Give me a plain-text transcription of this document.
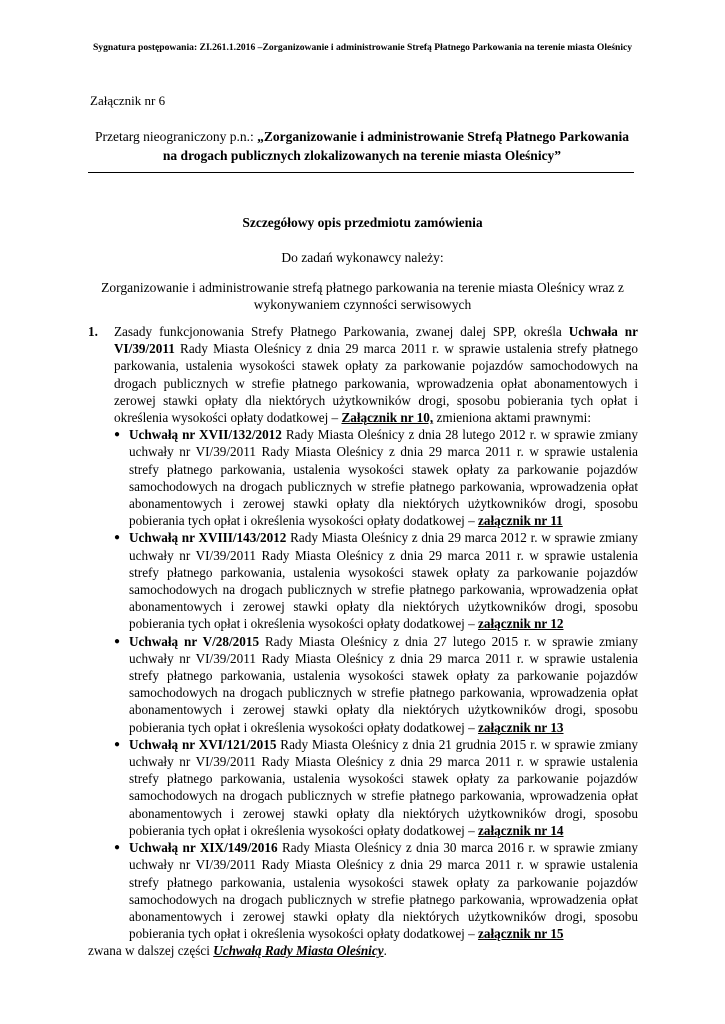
Sygnatura postępowania: ZI.261.1.2016 –Zorganizowanie i administrowanie Strefą Płatnego Parkowania na terenie miasta Oleśnicy
Załącznik nr 6
Przetarg nieograniczony p.n.: „Zorganizowanie i administrowanie Strefą Płatnego Parkowania na drogach publicznych zlokalizowanych na terenie miasta Oleśnicy”
Szczegółowy opis przedmiotu zamówienia
Do zadań wykonawcy należy:
Zorganizowanie i administrowanie strefą płatnego parkowania na terenie miasta Oleśnicy wraz z wykonywaniem czynności serwisowych
1.	Zasady funkcjonowania Strefy Płatnego Parkowania, zwanej dalej SPP, określa Uchwała nr VI/39/2011 Rady Miasta Oleśnicy z dnia 29 marca 2011 r. w sprawie ustalenia strefy płatnego parkowania, ustalenia wysokości stawek opłaty za parkowanie pojazdów samochodowych na drogach publicznych w strefie płatnego parkowania, wprowadzenia opłat abonamentowych i zerowej stawki opłaty dla niektórych użytkowników drogi, sposobu pobierania tych opłat i określenia wysokości opłaty dodatkowej – Załącznik nr 10, zmieniona aktami prawnymi:
● Uchwałą nr XVII/132/2012 Rady Miasta Oleśnicy z dnia 28 lutego 2012 r. w sprawie zmiany uchwały nr VI/39/2011 Rady Miasta Oleśnicy z dnia 29 marca 2011 r. w sprawie ustalenia strefy płatnego parkowania, ustalenia wysokości stawek opłaty za parkowanie pojazdów samochodowych na drogach publicznych w strefie płatnego parkowania, wprowadzenia opłat abonamentowych i zerowej stawki opłaty dla niektórych użytkowników drogi, sposobu pobierania tych opłat i określenia wysokości opłaty dodatkowej – załącznik nr 11
● Uchwałą nr XVIII/143/2012 Rady Miasta Oleśnicy z dnia 29 marca 2012 r. w sprawie zmiany uchwały nr VI/39/2011 Rady Miasta Oleśnicy z dnia 29 marca 2011 r. w sprawie ustalenia strefy płatnego parkowania, ustalenia wysokości stawek opłaty za parkowanie pojazdów samochodowych na drogach publicznych w strefie płatnego parkowania, wprowadzenia opłat abonamentowych i zerowej stawki opłaty dla niektórych użytkowników drogi, sposobu pobierania tych opłat i określenia wysokości opłaty dodatkowej – załącznik nr 12
● Uchwałą nr V/28/2015 Rady Miasta Oleśnicy z dnia 27 lutego 2015 r. w sprawie zmiany uchwały nr VI/39/2011 Rady Miasta Oleśnicy z dnia 29 marca 2011 r. w sprawie ustalenia strefy płatnego parkowania, ustalenia wysokości stawek opłaty za parkowanie pojazdów samochodowych na drogach publicznych w strefie płatnego parkowania, wprowadzenia opłat abonamentowych i zerowej stawki opłaty dla niektórych użytkowników drogi, sposobu pobierania tych opłat i określenia wysokości opłaty dodatkowej – załącznik nr 13
● Uchwałą nr XVI/121/2015 Rady Miasta Oleśnicy z dnia 21 grudnia 2015 r. w sprawie zmiany uchwały nr VI/39/2011 Rady Miasta Oleśnicy z dnia 29 marca 2011 r. w sprawie ustalenia strefy płatnego parkowania, ustalenia wysokości stawek opłaty za parkowanie pojazdów samochodowych na drogach publicznych w strefie płatnego parkowania, wprowadzenia opłat abonamentowych i zerowej stawki opłaty dla niektórych użytkowników drogi, sposobu pobierania tych opłat i określenia wysokości opłaty dodatkowej – załącznik nr 14
● Uchwałą nr XIX/149/2016 Rady Miasta Oleśnicy z dnia 30 marca 2016 r. w sprawie zmiany uchwały nr VI/39/2011 Rady Miasta Oleśnicy z dnia 29 marca 2011 r. w sprawie ustalenia strefy płatnego parkowania, ustalenia wysokości stawek opłaty za parkowanie pojazdów samochodowych na drogach publicznych w strefie płatnego parkowania, wprowadzenia opłat abonamentowych i zerowej stawki opłaty dla niektórych użytkowników drogi, sposobu pobierania tych opłat i określenia wysokości opłaty dodatkowej – załącznik nr 15
zwana w dalszej części Uchwałą Rady Miasta Oleśnicy.
